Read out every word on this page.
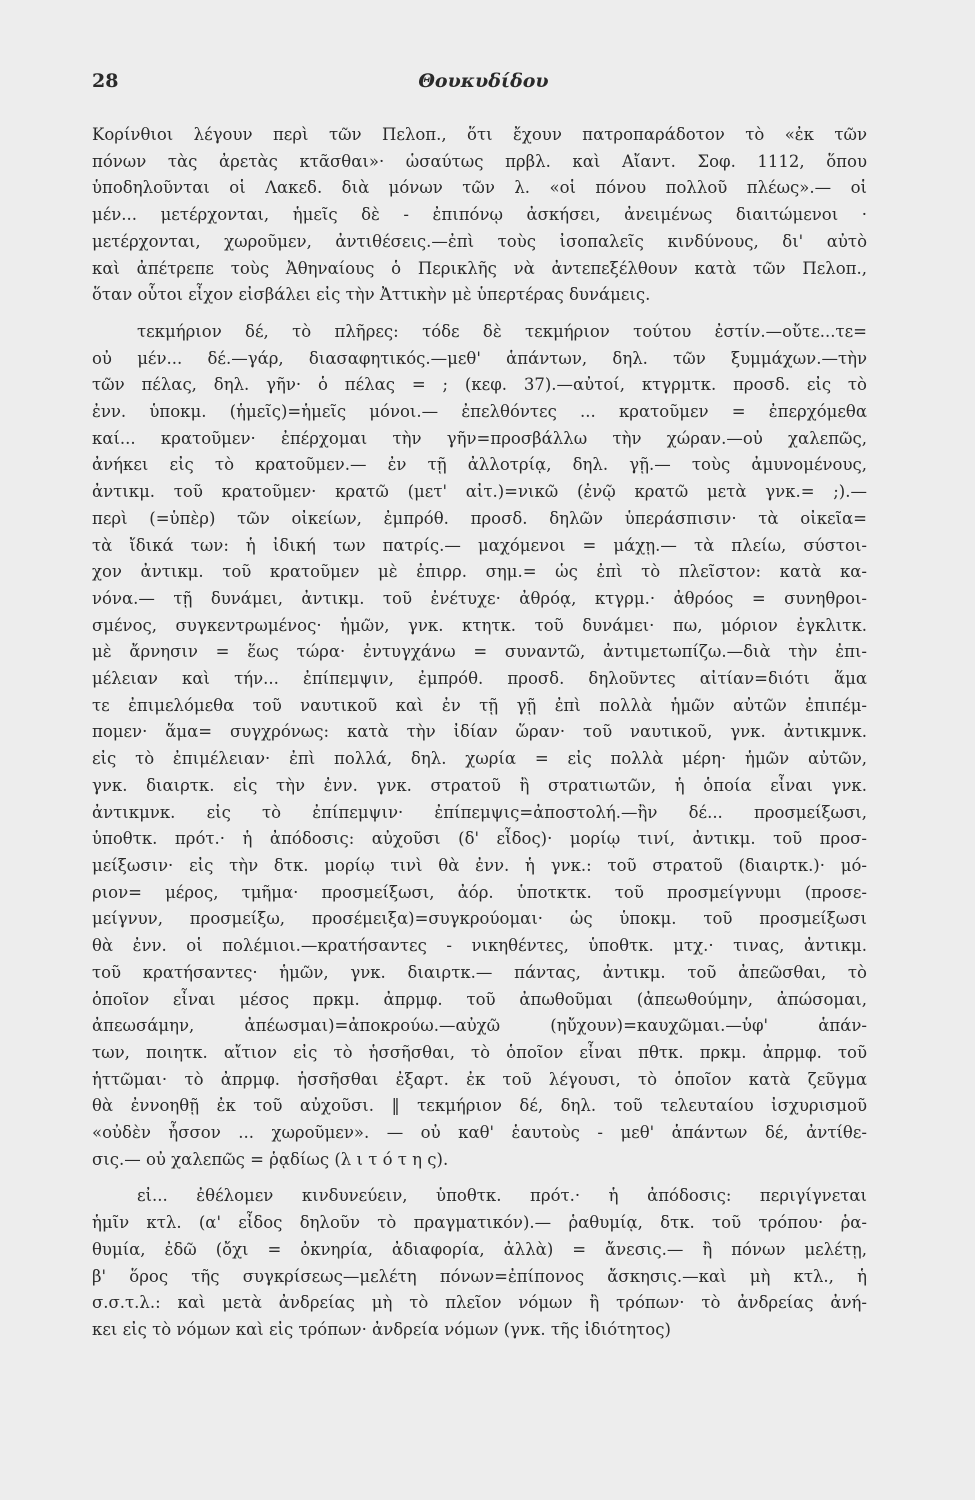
28	Θουκυδίδου
Κορίνθιοι λέγουν περὶ τῶν Πελοπ., ὅτι ἔχουν πατροπαράδοτον τὸ «ἐκ τῶν
πόνων τὰς ἀρετὰς κτᾶσθαι»· ὡσαύτως πρβλ. καὶ Αἴαντ. Σοφ. 1112, ὅπου
ὑποδηλοῦνται οἱ Λακεδ. διὰ μόνων τῶν λ. «οἱ πόνου πολλοῦ πλέως».— οἱ
μέν... μετέρχονται, ἡμεῖς δὲ - ἐπιπόνῳ ἀσκήσει, ἀνειμένως διαιτώμενοι ·
μετέρχονται, χωροῦμεν, ἀντιθέσεις.—ἐπὶ τοὺς ἰσοπαλεῖς κινδύνους, δι' αὐτὸ
καὶ ἀπέτρεπε τοὺς Ἀθηναίους ὁ Περικλῆς νὰ ἀντεπεξέλθουν κατὰ τῶν Πελοπ.,
ὅταν οὗτοι εἶχον εἰσβάλει εἰς τὴν Ἀττικὴν μὲ ὑπερτέρας δυνάμεις.
τεκμήριον δέ, τὸ πλῆρες: τόδε δὲ τεκμήριον τούτου ἐστίν.—οὔτε...τε=
οὐ μέν... δέ.—γάρ, διασαφητικός.—μεθ' ἁπάντων, δηλ. τῶν ξυμμάχων.—τὴν
τῶν πέλας, δηλ. γῆν· ὁ πέλας = ; (κεφ. 37).—αὐτοί, κτγρμτκ. προσδ. εἰς τὸ
ἐνν. ὑποκμ. (ἡμεῖς)=ἡμεῖς μόνοι.— ἐπελθόντες ... κρατοῦμεν = ἐπερχόμεθα
καί... κρατοῦμεν· ἐπέρχομαι τὴν γῆν=προσβάλλω τὴν χώραν.—οὐ χαλεπῶς,
ἀνήκει εἰς τὸ κρατοῦμεν.— ἐν τῇ ἀλλοτρίᾳ, δηλ. γῇ.— τοὺς ἀμυνομένους,
ἀντικμ. τοῦ κρατοῦμεν· κρατῶ (μετ' αἰτ.)=νικῶ (ἐνῷ κρατῶ μετὰ γνκ.= ;).—
περὶ (=ὑπὲρ) τῶν οἰκείων, ἐμπρόθ. προσδ. δηλῶν ὑπεράσπισιν· τὰ οἰκεῖα=
τὰ ἴδικά των: ἡ ἰδική των πατρίς.— μαχόμενοι = μάχῃ.— τὰ πλείω, σύστοι-
χον ἀντικμ. τοῦ κρατοῦμεν μὲ ἐπιρρ. σημ.= ὡς ἐπὶ τὸ πλεῖστον: κατὰ κα-
νόνα.— τῇ δυνάμει, ἀντικμ. τοῦ ἐνέτυχε· ἀθρόᾳ, κτγρμ.· ἀθρόος = συνηθροι-
σμένος, συγκεντρωμένος· ἡμῶν, γνκ. κτητκ. τοῦ δυνάμει· πω, μόριον ἐγκλιτκ.
μὲ ἄρνησιν = ἕως τώρα· ἐντυγχάνω = συναντῶ, ἀντιμετωπίζω.—διὰ τὴν ἐπι-
μέλειαν καὶ τήν... ἐπίπεμψιν, ἐμπρόθ. προσδ. δηλοῦντες αἰτίαν=διότι ἅμα
τε ἐπιμελόμεθα τοῦ ναυτικοῦ καὶ ἐν τῇ γῇ ἐπὶ πολλὰ ἡμῶν αὐτῶν ἐπιπέμ-
πομεν· ἅμα= συγχρόνως: κατὰ τὴν ἰδίαν ὥραν· τοῦ ναυτικοῦ, γνκ. ἀντικμνκ.
εἰς τὸ ἐπιμέλειαν· ἐπὶ πολλά, δηλ. χωρία = εἰς πολλὰ μέρη· ἡμῶν αὐτῶν,
γνκ. διαιρτκ. εἰς τὴν ἐνν. γνκ. στρατοῦ ἢ στρατιωτῶν, ἡ ὁποία εἶναι γνκ.
ἀντικμνκ. εἰς τὸ ἐπίπεμψιν· ἐπίπεμψις=ἀποστολή.—ἢν δέ... προσμείξωσι,
ὑποθτκ. πρότ.· ἡ ἀπόδοσις: αὐχοῦσι (δ' εἶδος)· μορίῳ τινί, ἀντικμ. τοῦ προσ-
μείξωσιν· εἰς τὴν δτκ. μορίῳ τινὶ θὰ ἐνν. ἡ γνκ.: τοῦ στρατοῦ (διαιρτκ.)· μό-
ριον= μέρος, τμῆμα· προσμείξωσι, ἀόρ. ὑποτκτκ. τοῦ προσμείγνυμι (προσε-
μείγνυν, προσμείξω, προσέμειξα)=συγκρούομαι· ὡς ὑποκμ. τοῦ προσμείξωσι
θὰ ἐνν. οἱ πολέμιοι.—κρατήσαντες - νικηθέντες, ὑποθτκ. μτχ.· τινας, ἀντικμ.
τοῦ κρατήσαντες· ἡμῶν, γνκ. διαιρτκ.— πάντας, ἀντικμ. τοῦ ἀπεῶσθαι, τὸ
ὁποῖον εἶναι μέσος πρκμ. ἀπρμφ. τοῦ ἀπωθοῦμαι (ἀπεωθούμην, ἀπώσομαι,
ἀπεωσάμην, ἀπέωσμαι)=ἀποκρούω.—αὐχῶ (ηὔχουν)=καυχῶμαι.—ὑφ' ἁπάν-
των, ποιητκ. αἴτιον εἰς τὸ ἡσσῆσθαι, τὸ ὁποῖον εἶναι πθτκ. πρκμ. ἀπρμφ. τοῦ
ἡττῶμαι· τὸ ἀπρμφ. ἡσσῆσθαι ἐξαρτ. ἐκ τοῦ λέγουσι, τὸ ὁποῖον κατὰ ζεῦγμα
θὰ ἐννοηθῇ ἐκ τοῦ αὐχοῦσι. ‖ τεκμήριον δέ, δηλ. τοῦ τελευταίου ἰσχυρισμοῦ
«οὐδὲν ἧσσον ... χωροῦμεν». — οὐ καθ' ἑαυτοὺς - μεθ' ἁπάντων δέ, ἀντίθε-
σις.— οὐ χαλεπῶς = ῥᾳδίως (λ ι τ ό τ η ς).
εἰ... ἐθέλομεν κινδυνεύειν, ὑποθτκ. πρότ.· ἡ ἀπόδοσις: περιγίγνεται
ἡμῖν κτλ. (α' εἶδος δηλοῦν τὸ πραγματικόν).— ῥαθυμίᾳ, δτκ. τοῦ τρόπου· ῥα-
θυμία, ἐδῶ (ὄχι = ὀκνηρία, ἀδιαφορία, ἀλλὰ) = ἄνεσις.— ἢ πόνων μελέτῃ,
β' ὅρος τῆς συγκρίσεως—μελέτη πόνων=ἐπίπονος ἄσκησις.—καὶ μὴ κτλ., ἡ
σ.σ.τ.λ.: καὶ μετὰ ἀνδρείας μὴ τὸ πλεῖον νόμων ἢ τρόπων· τὸ ἀνδρείας ἀνή-
κει εἰς τὸ νόμων καὶ εἰς τρόπων· ἀνδρεία νόμων (γνκ. τῆς ἰδιότητος)
